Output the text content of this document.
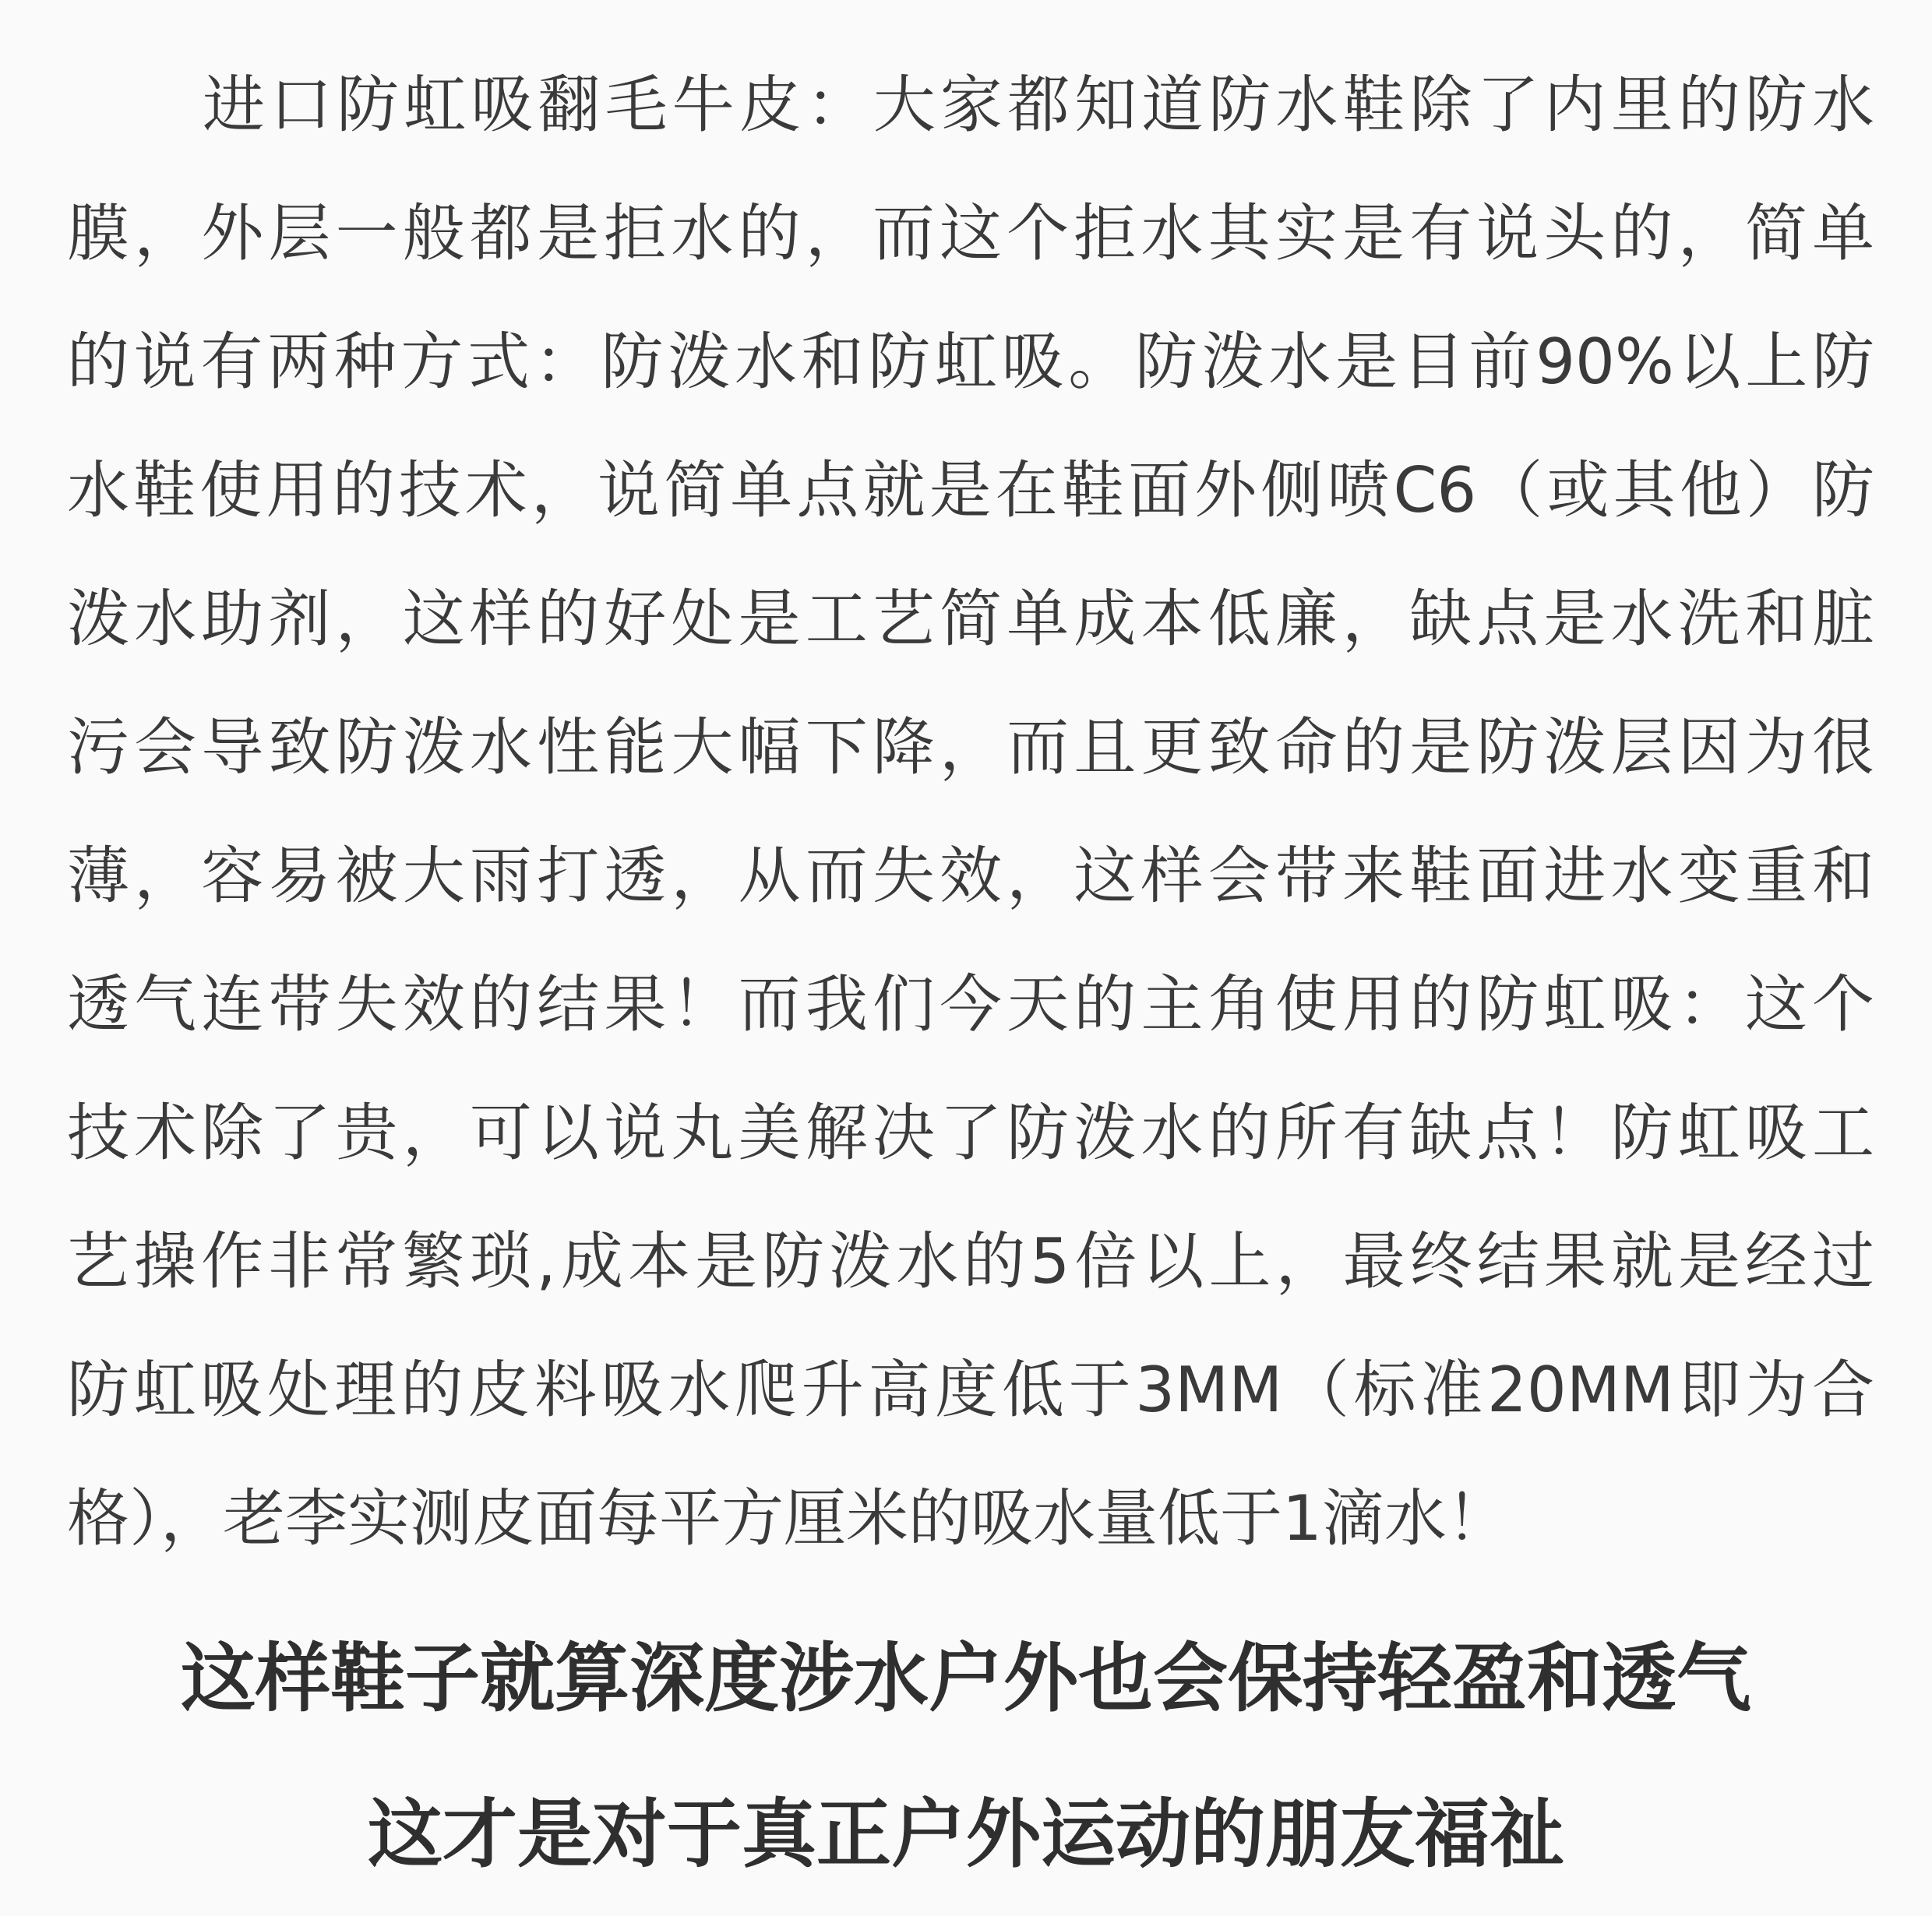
进口防虹吸翻毛牛皮：大家都知道防水鞋除了内里的防水
膜，外层一般都是拒水的，而这个拒水其实是有说头的，简单
的说有两种方式：防泼水和防虹吸。防泼水是目前90%以上防
水鞋使用的技术，说简单点就是在鞋面外侧喷C6（或其他）防
泼水助剂，这样的好处是工艺简单成本低廉，缺点是水洗和脏
污会导致防泼水性能大幅下降，而且更致命的是防泼层因为很
薄，容易被大雨打透，从而失效，这样会带来鞋面进水变重和
透气连带失效的结果！而我们今天的主角使用的防虹吸：这个
技术除了贵，可以说丸美解决了防泼水的所有缺点！防虹吸工
艺操作非常繁琐,成本是防泼水的5倍以上，最终结果就是经过
防虹吸处理的皮料吸水爬升高度低于3MM（标准20MM即为合
格），老李实测皮面每平方厘米的吸水量低于1滴水！
这样鞋子就算深度涉水户外也会保持轻盈和透气
这才是对于真正户外运动的朋友福祉
